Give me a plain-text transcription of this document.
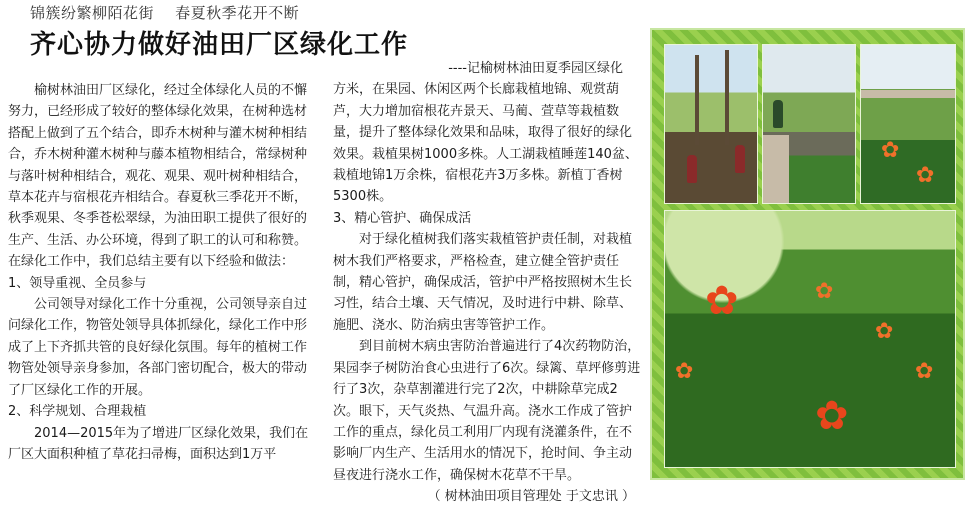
锦簇纷繁柳陌花街    春夏秋季花开不断
齐心协力做好油田厂区绿化工作

榆树林油田厂区绿化，经过全体绿化人员的不懈努力，已经形成了较好的整体绿化效果，在树种选材搭配上做到了五个结合，即乔木树种与灌木树种相结合，乔木树种灌木树种与藤本植物相结合，常绿树种与落叶树种相结合，观花、观果、观叶树种相结合，草本花卉与宿根花卉相结合。春夏秋三季花开不断，秋季观果、冬季苍松翠绿，为油田职工提供了很好的生产、生活、办公环境，得到了职工的认可和称赞。在绿化工作中，我们总结主要有以下经验和做法：

1、领导重视、全员参与

公司领导对绿化工作十分重视，公司领导亲自过问绿化工作，物管处领导具体抓绿化，绿化工作中形成了上下齐抓共管的良好绿化氛围。每年的植树工作物管处领导亲身参加，各部门密切配合，极大的带动了厂区绿化工作的开展。

2、科学规划、合理栽植

2014—2015年为了增进厂区绿化效果，我们在厂区大面积种植了草花扫帚梅，面积达到1万平

----记榆树林油田夏季园区绿化

方米，在果园、休闲区两个长廊栽植地锦、观赏葫芦，大力增加宿根花卉景天、马蔺、萱草等栽植数量，提升了整体绿化效果和品味，取得了很好的绿化效果。栽植果树1000多株。人工湖栽植睡莲140盆、栽植地锦1万余株，宿根花卉3万多株。新植丁香树5300株。

3、精心管护、确保成活

对于绿化植树我们落实栽植管护责任制，对栽植树木我们严格要求，严格检查，建立健全管护责任制，精心管护，确保成活，管护中严格按照树木生长习性，结合土壤、天气情况，及时进行中耕、除草、施肥、浇水、防治病虫害等管护工作。

到目前树木病虫害防治普遍进行了4次药物防治，果园李子树防治食心虫进行了6次。绿篱、草坪修剪进行了3次，杂草割灌进行完了2次，中耕除草完成2次。眼下，天气炎热、气温升高。浇水工作成了管护工作的重点，绿化员工利用厂内现有浇灌条件，在不影响厂内生产、生活用水的情况下，抢时间、争主动昼夜进行浇水工作，确保树木花草不干旱。

（ 树林油田项目管理处 于文忠讯 ）

✿
✿
✿
✿
✿
✿
✿
✿
